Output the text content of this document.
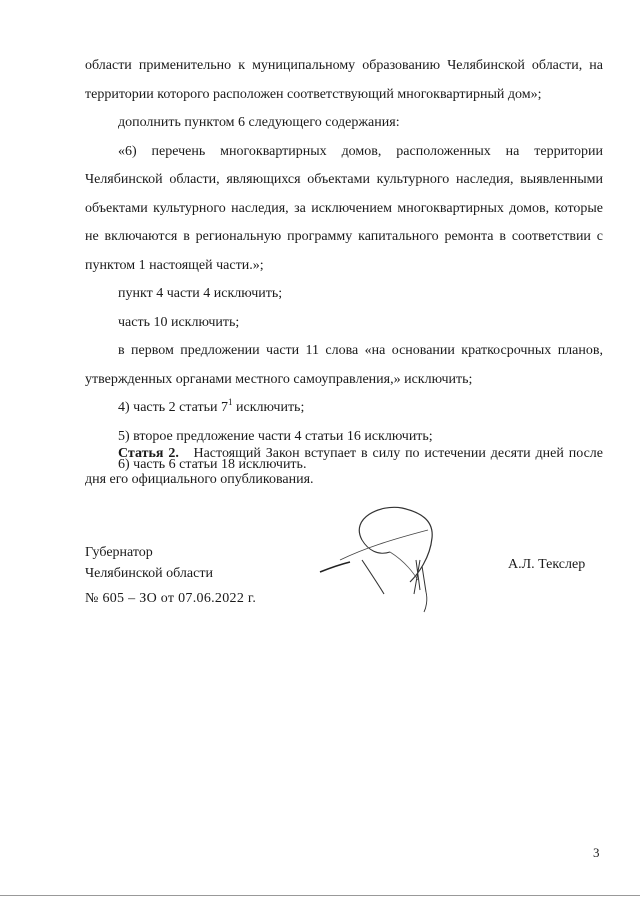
области применительно к муниципальному образованию Челябинской области, на

территории которого расположен соответствующий многоквартирный дом»;

дополнить пунктом 6 следующего содержания:

«6) перечень многоквартирных домов, расположенных на территории

Челябинской области, являющихся объектами культурного наследия, выявленными

объектами культурного наследия, за исключением многоквартирных домов, которые

не включаются в региональную программу капитального ремонта в соответствии с

пунктом 1 настоящей части.»;

пункт 4 части 4 исключить;

часть 10 исключить;

в первом предложении части 11 слова «на основании краткосрочных планов,

утвержденных органами местного самоуправления,» исключить;

4) часть 2 статьи $7^1$ исключить;

5) второе предложение части 4 статьи 16 исключить;

6) часть 6 статьи 18 исключить.

Статья 2. Настоящий Закон вступает в силу по истечении десяти дней после
дня его официального опубликования.
Губернатор
Челябинской области
А.Л. Текслер
№ 605 – ЗО от 07.06.2022 г.
3
